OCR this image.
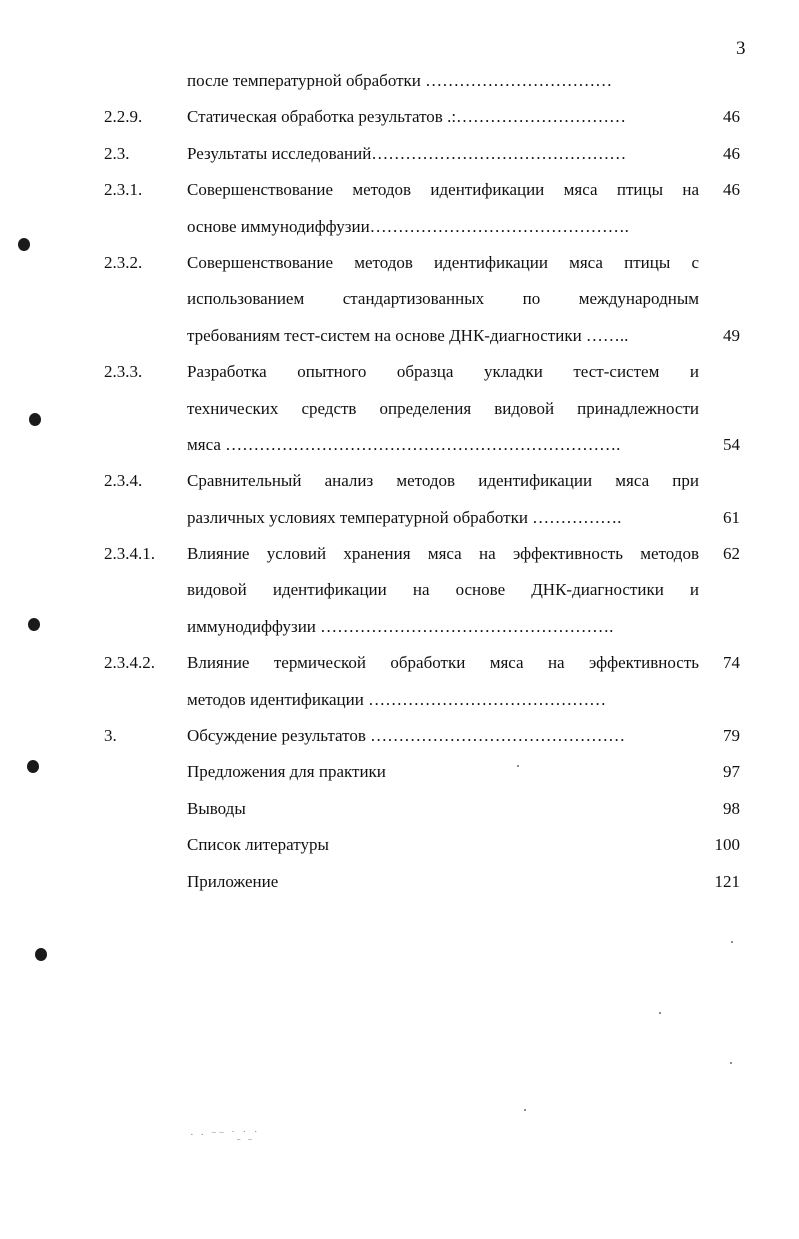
3
после температурной обработки ……………………………
2.2.9.	Статическая обработка результатов .:…………………………	46
2.3.	Результаты исследований………………………………………	46
2.3.1.	Совершенствование методов идентификации мяса птицы на	46
основе иммунодиффузии……………………………………….
2.3.2.	Совершенствование методов идентификации мяса птицы с
использованием стандартизованных по международным
требованиям тест-систем на основе ДНК-диагностики ……..	49
2.3.3.	Разработка опытного образца укладки тест-систем и
технических средств определения видовой принадлежности
мяса …………………………………………………………….	54
2.3.4.	Сравнительный анализ методов идентификации мяса при
различных условиях температурной обработки …………….	61
2.3.4.1. Влияние условий хранения мяса на эффективность методов	62
видовой идентификации на основе ДНК-диагностики и
иммунодиффузии …………………………………………….
2.3.4.2. Влияние термической обработки мяса на эффективность	74
методов идентификации ……………………………………
3.	Обсуждение результатов ………………………………………	79
Предложения для практики	97
Выводы	98
Список литературы	100
Приложение	121
· · ⁻⁻ ˙ˍ˙ˍ˙
